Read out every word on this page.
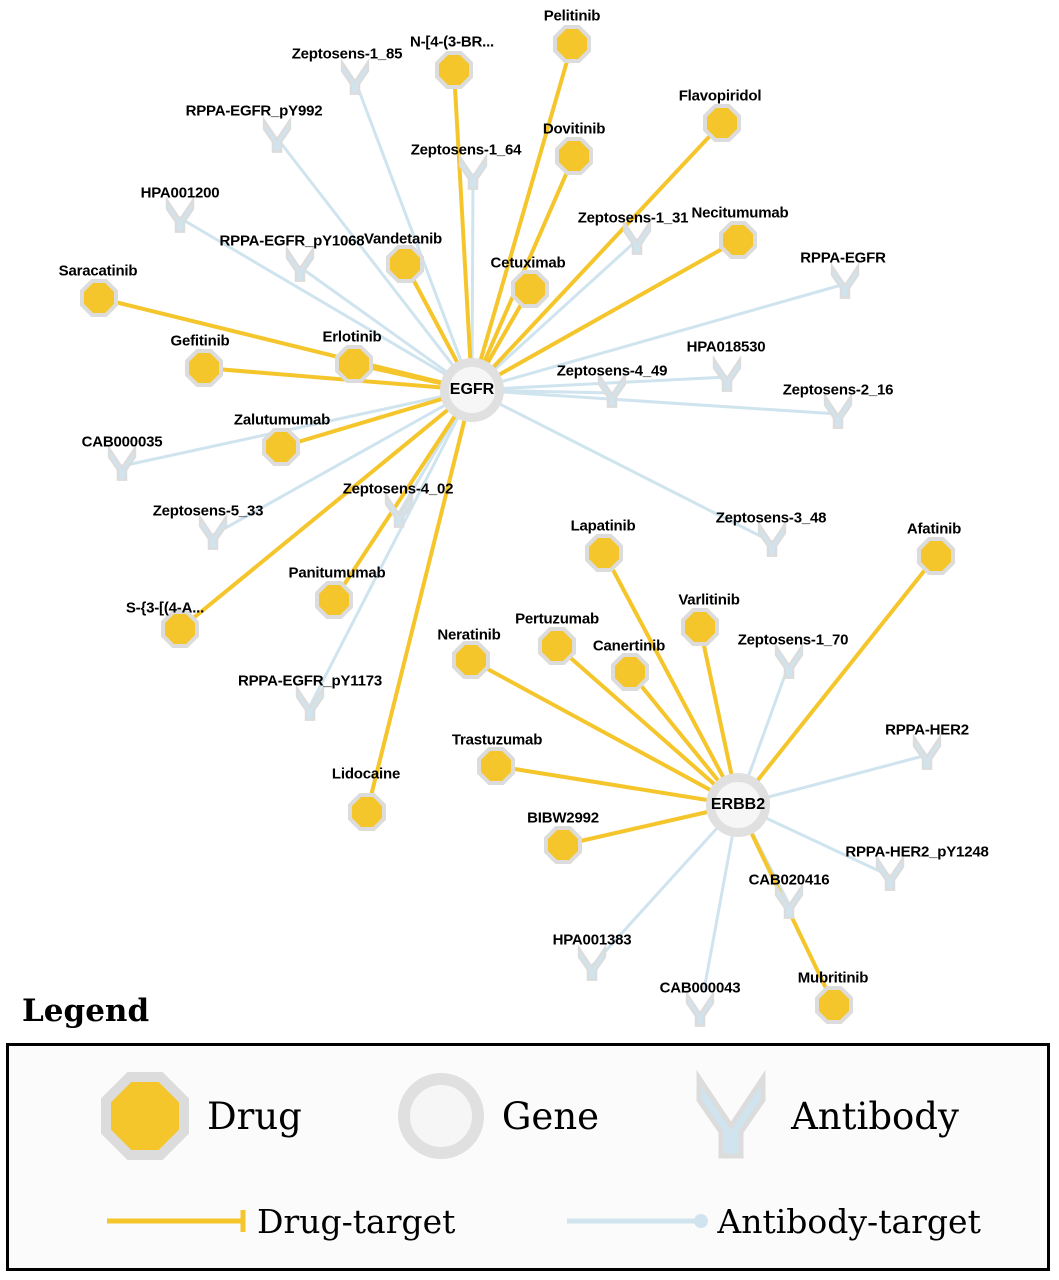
Zeptosens-1_85
RPPA-EGFR_pY992
Zeptosens-1_64
HPA001200
Zeptosens-1_31
RPPA-EGFR_pY1068
RPPA-EGFR
HPA018530
Zeptosens-4_49
Zeptosens-2_16
CAB000035
Zeptosens-4_02
Zeptosens-5_33	Zeptosens-3_48
Zeptosens-1_70
RPPA-EGFR_pY1173
RPPA-HER2
RPPA-HER2_pY1248
CAB020416
HPA001383
CAB000043
Pelitinib
N-[4-(3-BR...
Flavopiridol
Dovitinib
Necitumumab
Vandetanib
Cetuximab
Saracatinib
Gefitinib	Erlotinib
Zalutumumab
Afatinib
Lapatinib
Varlitinib
Panitumumab
S-{3-[(4-A...
Pertuzumab
Canertinib
Neratinib
Trastuzumab
Lidocaine
BIBW2992
Mubritinib
EGFR
ERBB2
Legend
Drug	Gene	Antibody
Drug-target	Antibody-target
